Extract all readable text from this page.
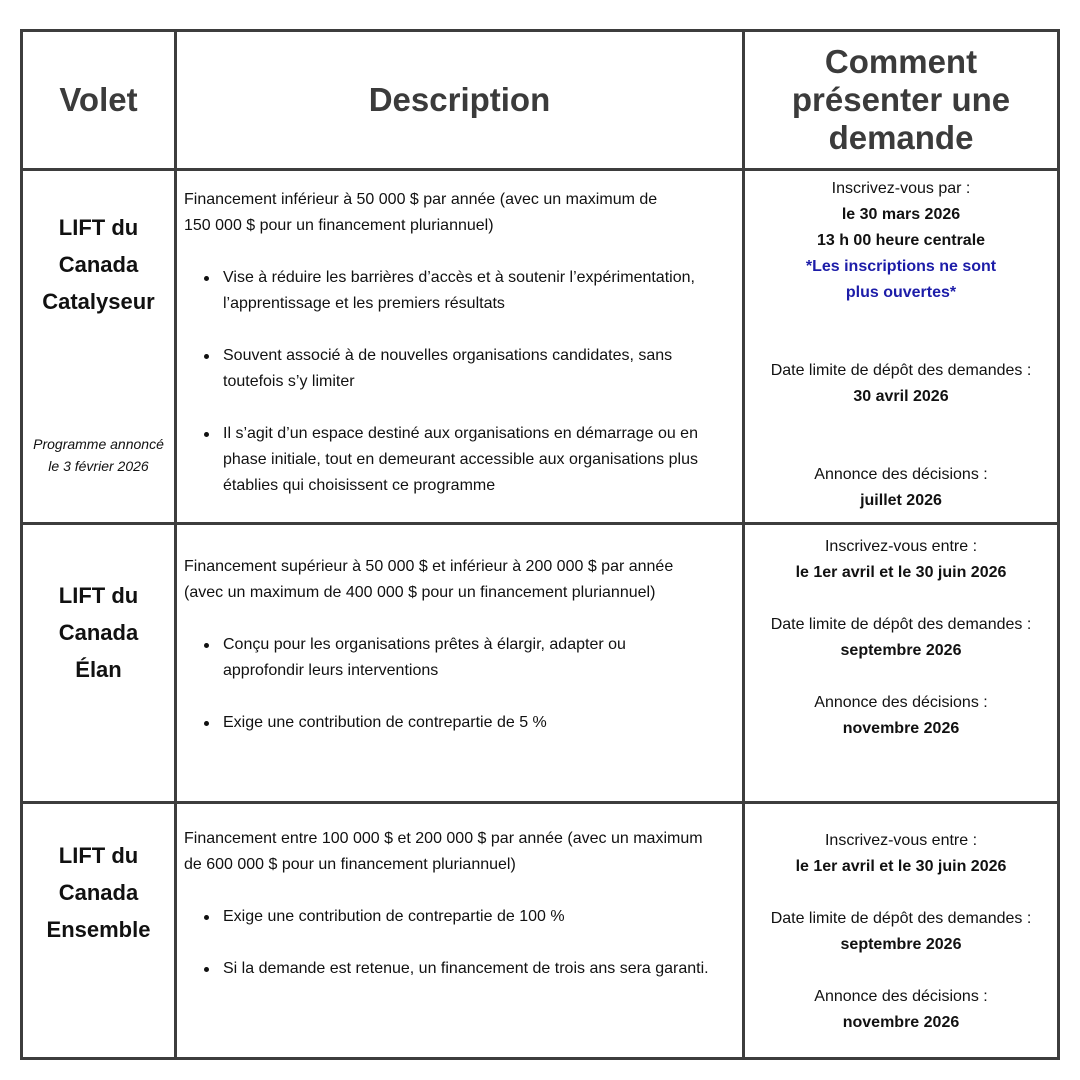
Volet	Description
Comment
présenter une
demande
LIFT du
Canada
Catalyseur
Programme annoncé
le 3 février 2026

Financement inférieur à 50 000 $ par année (avec un maximum de
150 000 $ pour un financement pluriannuel)

Vise à réduire les barrières d’accès et à soutenir l’expérimentation,
l’apprentissage et les premiers résultats
Souvent associé à de nouvelles organisations candidates, sans
toutefois s’y limiter
Il s’agit d’un espace destiné aux organisations en démarrage ou en
phase initiale, tout en demeurant accessible aux organisations plus
établies qui choisissent ce programme

Inscrivez-vous par :

le 30 mars 2026

13 h 00 heure centrale

*Les inscriptions ne sont

plus ouvertes*

Date limite de dépôt des demandes :

30 avril 2026

Annonce des décisions :

juillet 2026

LIFT du
Canada
Élan

Financement supérieur à 50 000 $ et inférieur à 200 000 $ par année
(avec un maximum de 400 000 $ pour un financement pluriannuel)

Conçu pour les organisations prêtes à élargir, adapter ou
approfondir leurs interventions
Exige une contribution de contrepartie de 5 %

Inscrivez-vous entre :

le 1er avril et le 30 juin 2026

Date limite de dépôt des demandes :

septembre 2026

Annonce des décisions :

novembre 2026

LIFT du
Canada
Ensemble

Financement entre 100 000 $ et 200 000 $ par année (avec un maximum
de 600 000 $ pour un financement pluriannuel)

Exige une contribution de contrepartie de 100 %
Si la demande est retenue, un financement de trois ans sera garanti.

Inscrivez-vous entre :

le 1er avril et le 30 juin 2026

Date limite de dépôt des demandes :

septembre 2026

Annonce des décisions :

novembre 2026
